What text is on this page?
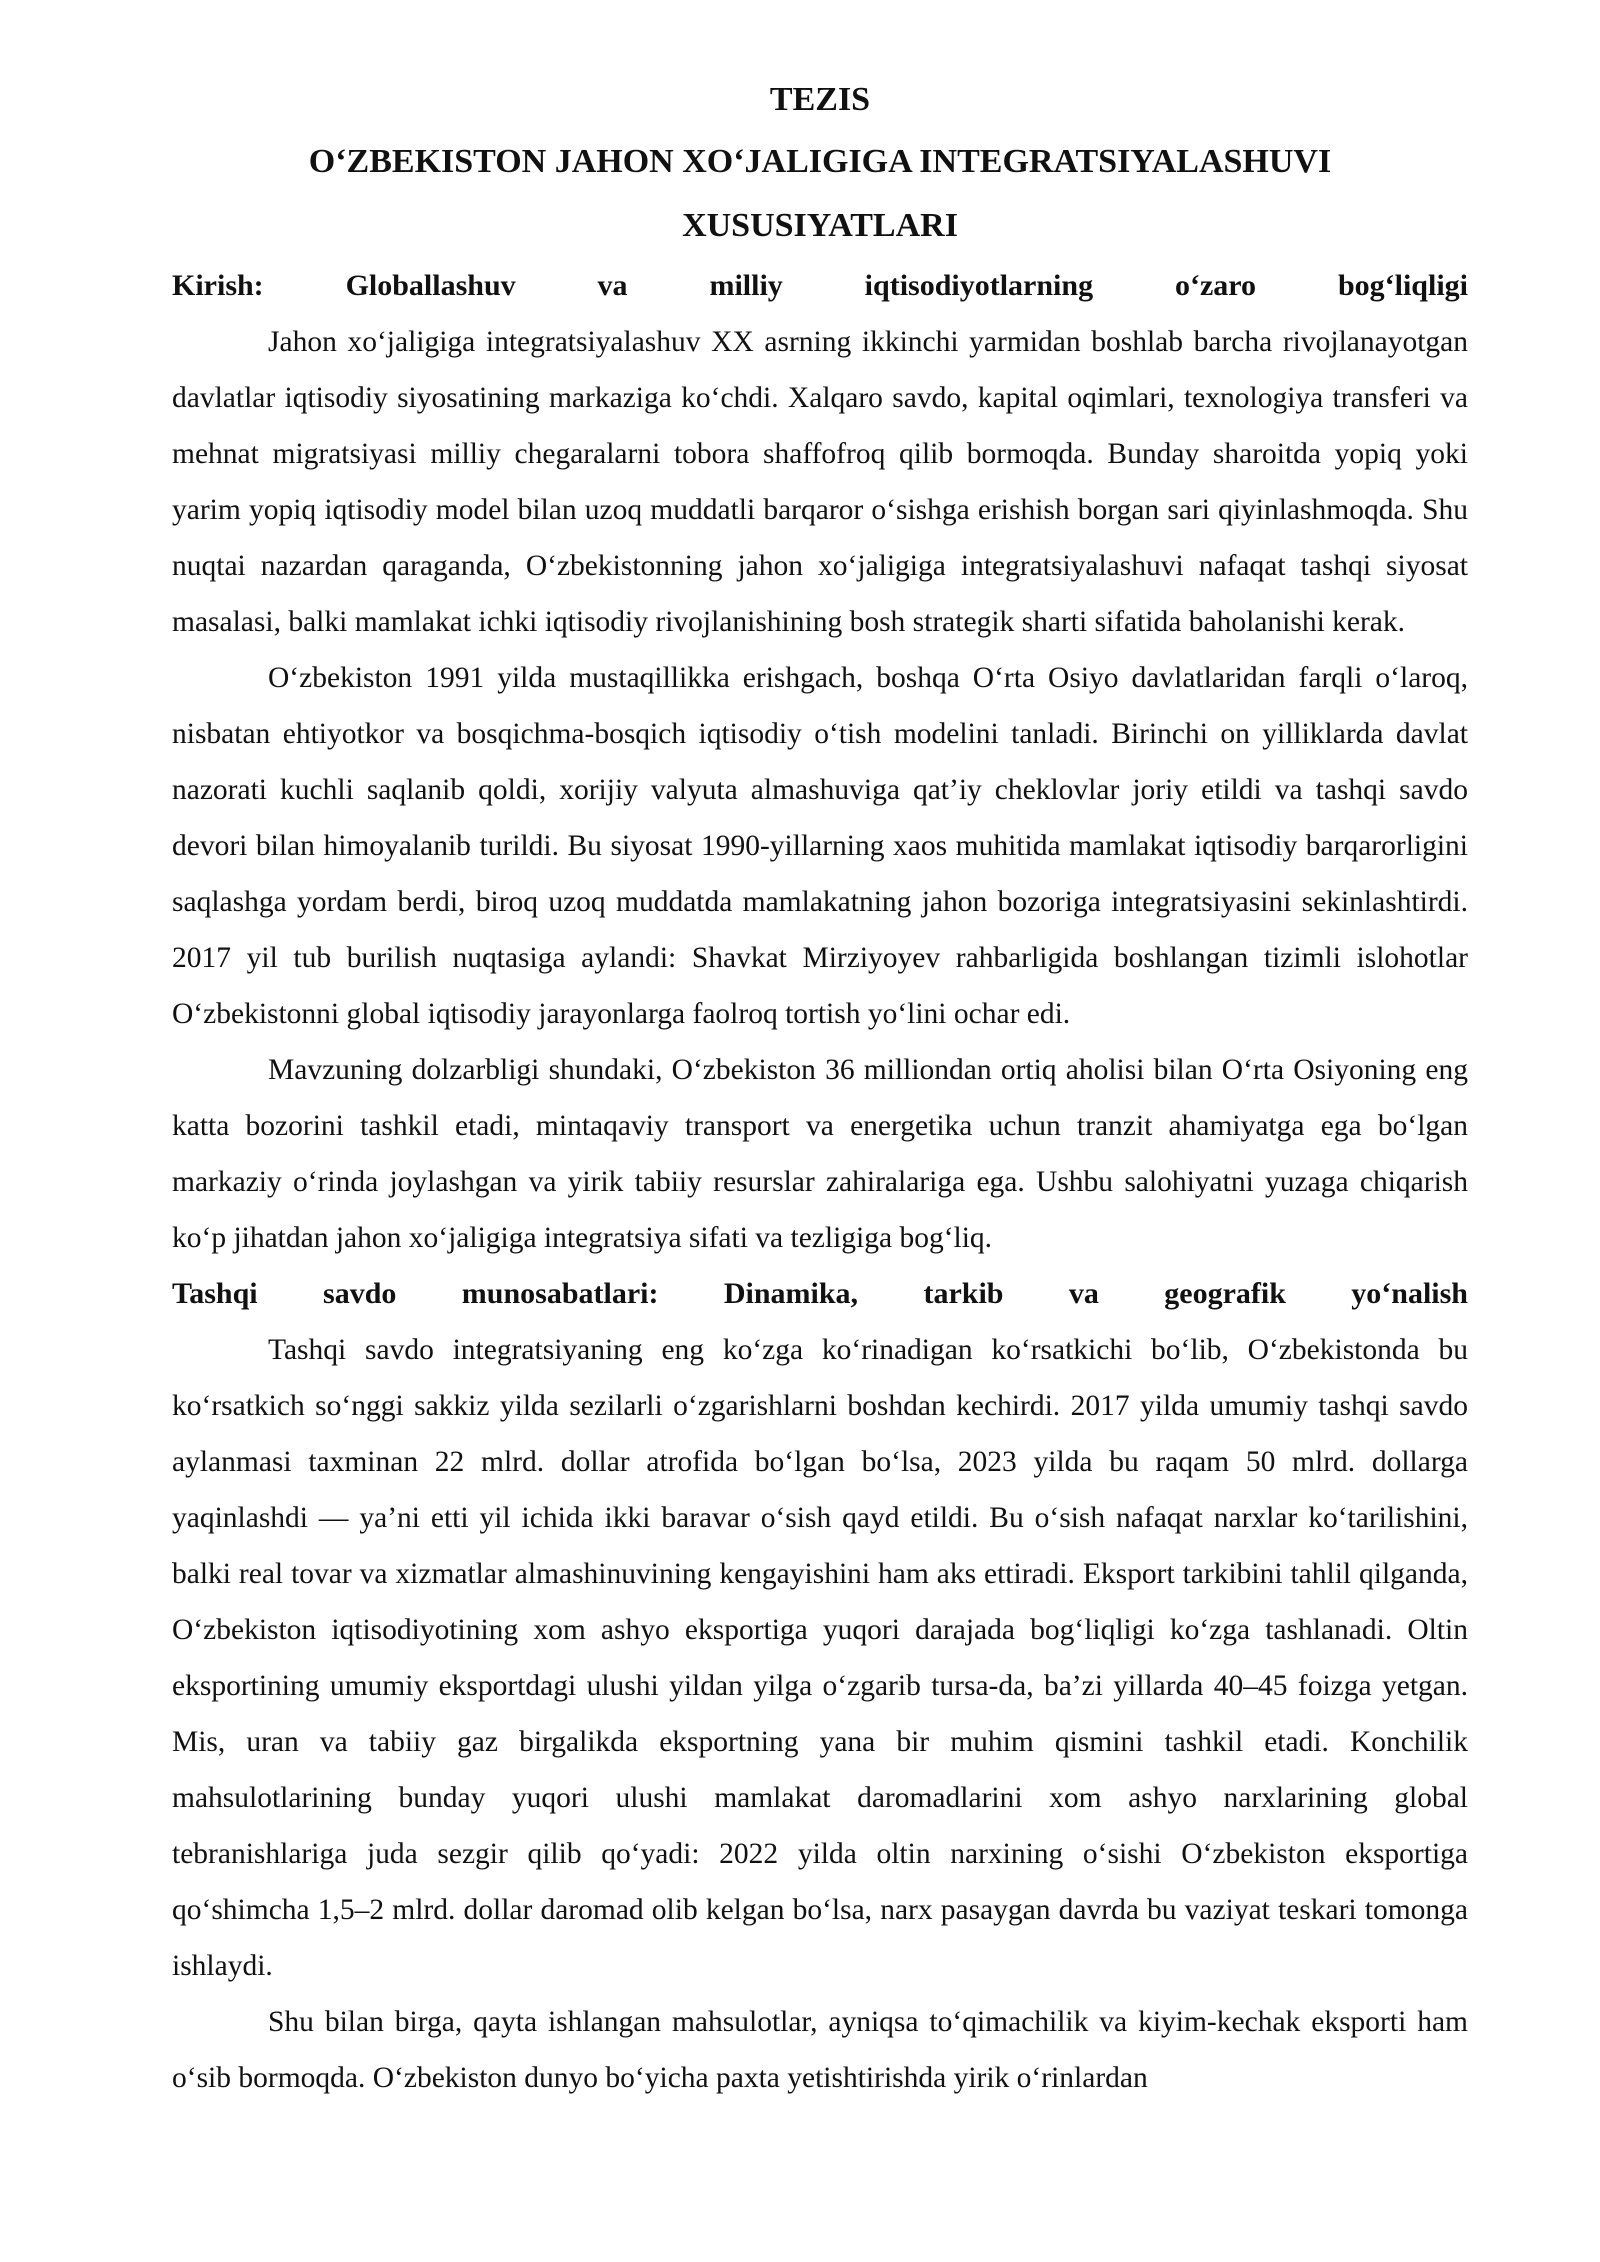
TEZIS

O‘ZBEKISTON JAHON XO‘JALIGIGA INTEGRATSIYALASHUVI XUSUSIYATLARI

Kirish: Globallashuv va milliy iqtisodiyotlarning o‘zaro bog‘liqligi

Jahon xo‘jaligiga integratsiyalashuv XX asrning ikkinchi yarmidan boshlab barcha rivojlanayotgan davlatlar iqtisodiy siyosatining markaziga ko‘chdi. Xalqaro savdo, kapital oqimlari, texnologiya transferi va mehnat migratsiyasi milliy chegaralarni tobora shaffofroq qilib bormoqda. Bunday sharoitda yopiq yoki yarim yopiq iqtisodiy model bilan uzoq muddatli barqaror o‘sishga erishish borgan sari qiyinlashmoqda. Shu nuqtai nazardan qaraganda, O‘zbekistonning jahon xo‘jaligiga integratsiyalashuvi nafaqat tashqi siyosat masalasi, balki mamlakat ichki iqtisodiy rivojlanishining bosh strategik sharti sifatida baholanishi kerak.

O‘zbekiston 1991 yilda mustaqillikka erishgach, boshqa O‘rta Osiyo davlatlaridan farqli o‘laroq, nisbatan ehtiyotkor va bosqichma-bosqich iqtisodiy o‘tish modelini tanladi. Birinchi on yilliklarda davlat nazorati kuchli saqlanib qoldi, xorijiy valyuta almashuviga qat’iy cheklovlar joriy etildi va tashqi savdo devori bilan himoyalanib turildi. Bu siyosat 1990-yillarning xaos muhitida mamlakat iqtisodiy barqarorligini saqlashga yordam berdi, biroq uzoq muddatda mamlakatning jahon bozoriga integratsiyasini sekinlashtirdi. 2017 yil tub burilish nuqtasiga aylandi: Shavkat Mirziyoyev rahbarligida boshlangan tizimli islohotlar O‘zbekistonni global iqtisodiy jarayonlarga faolroq tortish yo‘lini ochar edi.

Mavzuning dolzarbligi shundaki, O‘zbekiston 36 milliondan ortiq aholisi bilan O‘rta Osiyoning eng katta bozorini tashkil etadi, mintaqaviy transport va energetika uchun tranzit ahamiyatga ega bo‘lgan markaziy o‘rinda joylashgan va yirik tabiiy resurslar zahiralariga ega. Ushbu salohiyatni yuzaga chiqarish ko‘p jihatdan jahon xo‘jaligiga integratsiya sifati va tezligiga bog‘liq.

Tashqi savdo munosabatlari: Dinamika, tarkib va geografik yo‘nalish

Tashqi savdo integratsiyaning eng ko‘zga ko‘rinadigan ko‘rsatkichi bo‘lib, O‘zbekistonda bu ko‘rsatkich so‘nggi sakkiz yilda sezilarli o‘zgarishlarni boshdan kechirdi. 2017 yilda umumiy tashqi savdo aylanmasi taxminan 22 mlrd. dollar atrofida bo‘lgan bo‘lsa, 2023 yilda bu raqam 50 mlrd. dollarga yaqinlashdi — ya’ni etti yil ichida ikki baravar o‘sish qayd etildi. Bu o‘sish nafaqat narxlar ko‘tarilishini, balki real tovar va xizmatlar almashinuvining kengayishini ham aks ettiradi. Eksport tarkibini tahlil qilganda, O‘zbekiston iqtisodiyotining xom ashyo eksportiga yuqori darajada bog‘liqligi ko‘zga tashlanadi. Oltin eksportining umumiy eksportdagi ulushi yildan yilga o‘zgarib tursa-da, ba’zi yillarda 40–45 foizga yetgan. Mis, uran va tabiiy gaz birgalikda eksportning yana bir muhim qismini tashkil etadi. Konchilik mahsulotlarining bunday yuqori ulushi mamlakat daromadlarini xom ashyo narxlarining global tebranishlariga juda sezgir qilib qo‘yadi: 2022 yilda oltin narxining o‘sishi O‘zbekiston eksportiga qo‘shimcha 1,5–2 mlrd. dollar daromad olib kelgan bo‘lsa, narx pasaygan davrda bu vaziyat teskari tomonga ishlaydi.

Shu bilan birga, qayta ishlangan mahsulotlar, ayniqsa to‘qimachilik va kiyim-kechak eksporti ham o‘sib bormoqda. O‘zbekiston dunyo bo‘yicha paxta yetishtirishda yirik o‘rinlardan
